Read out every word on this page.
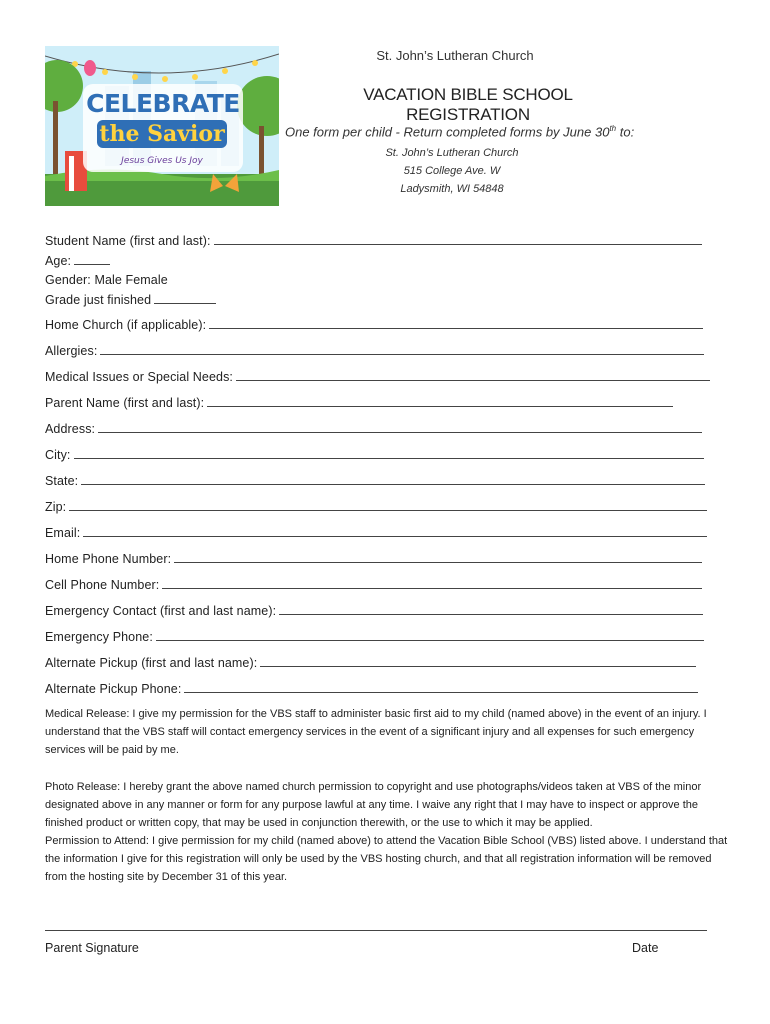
CELEBRATE
the Savior
Jesus Gives Us Joy
St. John’s Lutheran Church
VACATION BIBLE SCHOOL REGISTRATION
One form per child - Return completed forms by June 30th to:
St. John’s Lutheran Church
515 College Ave. W
Ladysmith, WI 54848
Student Name (first and last):
Age:
Gender: Male Female
Grade just finished
Home Church (if applicable):
Allergies:
Medical Issues or Special Needs:
Parent Name (first and last):
Address:
City:
State:
Zip:
Email:
Home Phone Number:
Cell Phone Number:
Emergency Contact (first and last name):
Emergency Phone:
Alternate Pickup (first and last name):
Alternate Pickup Phone:
Medical Release: I give my permission for the VBS staff to administer basic first aid to my child (named above) in the event of an injury. I understand that the VBS staff will contact emergency services in the event of a significant injury and all expenses for such emergency services will be paid by me.
Photo Release: I hereby grant the above named church permission to copyright and use photographs/videos taken at VBS of the minor designated above in any manner or form for any purpose lawful at any time. I waive any right that I may have to inspect or approve the finished product or written copy, that may be used in conjunction therewith, or the use to which it may be applied.
Permission to Attend: I give permission for my child (named above) to attend the Vacation Bible School (VBS) listed above. I understand that the information I give for this registration will only be used by the VBS hosting church, and that all registration information will be removed from the hosting site by December 31 of this year.
Parent Signature	Date
